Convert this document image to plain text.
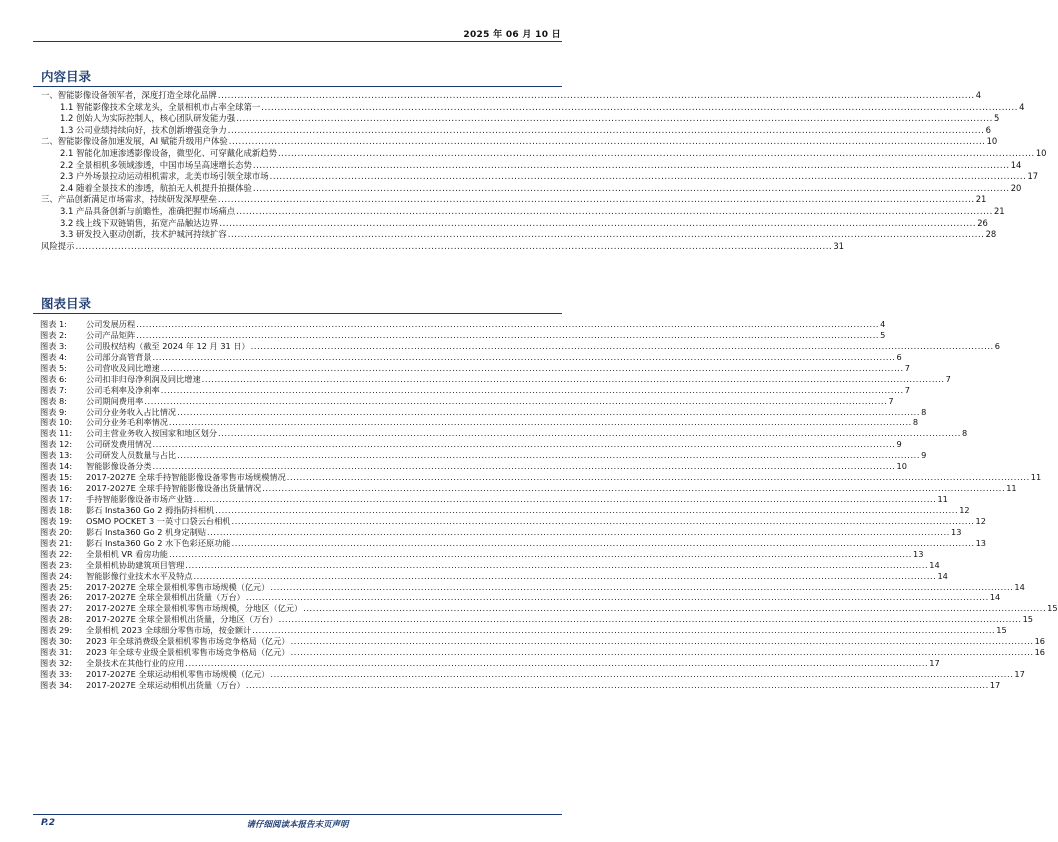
2025 年 06 月 10 日
内容目录
一、智能影像设备领军者，深度打造全球化品牌 .....	4
1.1 智能影像技术全球龙头，全景相机市占率全球第一 .....	4
1.2 创始人为实际控制人，核心团队研发能力强 .....	5
1.3 公司业绩持续向好，技术创新增强竞争力 .....	6
二、智能影像设备加速发展，AI 赋能升级用户体验 .....	10
2.1 智能化加速渗透影像设备，微型化、可穿戴化成新趋势 .....	10
2.2 全景相机多领域渗透，中国市场呈高速增长态势 .....	14
2.3 户外场景拉动运动相机需求，北美市场引领全球市场 .....	17
2.4 随着全景技术的渗透，航拍无人机提升拍摄体验 .....	20
三、产品创新满足市场需求，持续研发深厚壁垒 .....	21
3.1 产品具备创新与前瞻性，准确把握市场痛点 .....	21
3.2 线上线下双链销售，拓宽产品触达边界 .....	26
3.3 研发投入驱动创新，技术护城河持续扩容 .....	28
风险提示 .....	31
图表目录
图表 1: 公司发展历程 .....	4
图表 2: 公司产品矩阵 .....	5
图表 3: 公司股权结构（截至 2024 年 12 月 31 日） .....	6
图表 4: 公司部分高管背景 .....	6
图表 5: 公司营收及同比增速 .....	7
图表 6: 公司扣非归母净利润及同比增速 .....	7
图表 7: 公司毛利率及净利率 .....	7
图表 8: 公司期间费用率 .....	7
图表 9: 公司分业务收入占比情况 .....	8
图表 10: 公司分业务毛利率情况 .....	8
图表 11: 公司主营业务收入按国家和地区划分 .....	8
图表 12: 公司研发费用情况 .....	9
图表 13: 公司研发人员数量与占比 .....	9
图表 14: 智能影像设备分类 .....	10
图表 15: 2017-2027E 全球手持智能影像设备零售市场规模情况 .....	11
图表 16: 2017-2027E 全球手持智能影像设备出货量情况 .....	11
图表 17: 手持智能影像设备市场产业链 .....	11
图表 18: 影石 Insta360 Go 2 拇指防抖相机 .....	12
图表 19: OSMO POCKET 3 一英寸口袋云台相机 .....	12
图表 20: 影石 Insta360 Go 2 机身定制贴 .....	13
图表 21: 影石 Insta360 Go 2 水下色彩还原功能 .....	13
图表 22: 全景相机 VR 看房功能 .....	13
图表 23: 全景相机协助建筑项目管理 .....	14
图表 24: 智能影像行业技术水平及特点 .....	14
图表 25: 2017-2027E 全球全景相机零售市场规模（亿元） .....	14
图表 26: 2017-2027E 全球全景相机出货量（万台） .....	14
图表 27: 2017-2027E 全球全景相机零售市场规模，分地区（亿元） .....	15
图表 28: 2017-2027E 全球全景相机出货量，分地区（万台） .....	15
图表 29: 全景相机 2023 全球细分零售市场，按金额计 .....	15
图表 30: 2023 年全球消费级全景相机零售市场竞争格局（亿元） .....	16
图表 31: 2023 年全球专业级全景相机零售市场竞争格局（亿元） .....	16
图表 32: 全景技术在其他行业的应用 .....	17
图表 33: 2017-2027E 全球运动相机零售市场规模（亿元） .....	17
图表 34: 2017-2027E 全球运动相机出货量（万台） .....	17
P.2	请仔细阅读本报告末页声明
